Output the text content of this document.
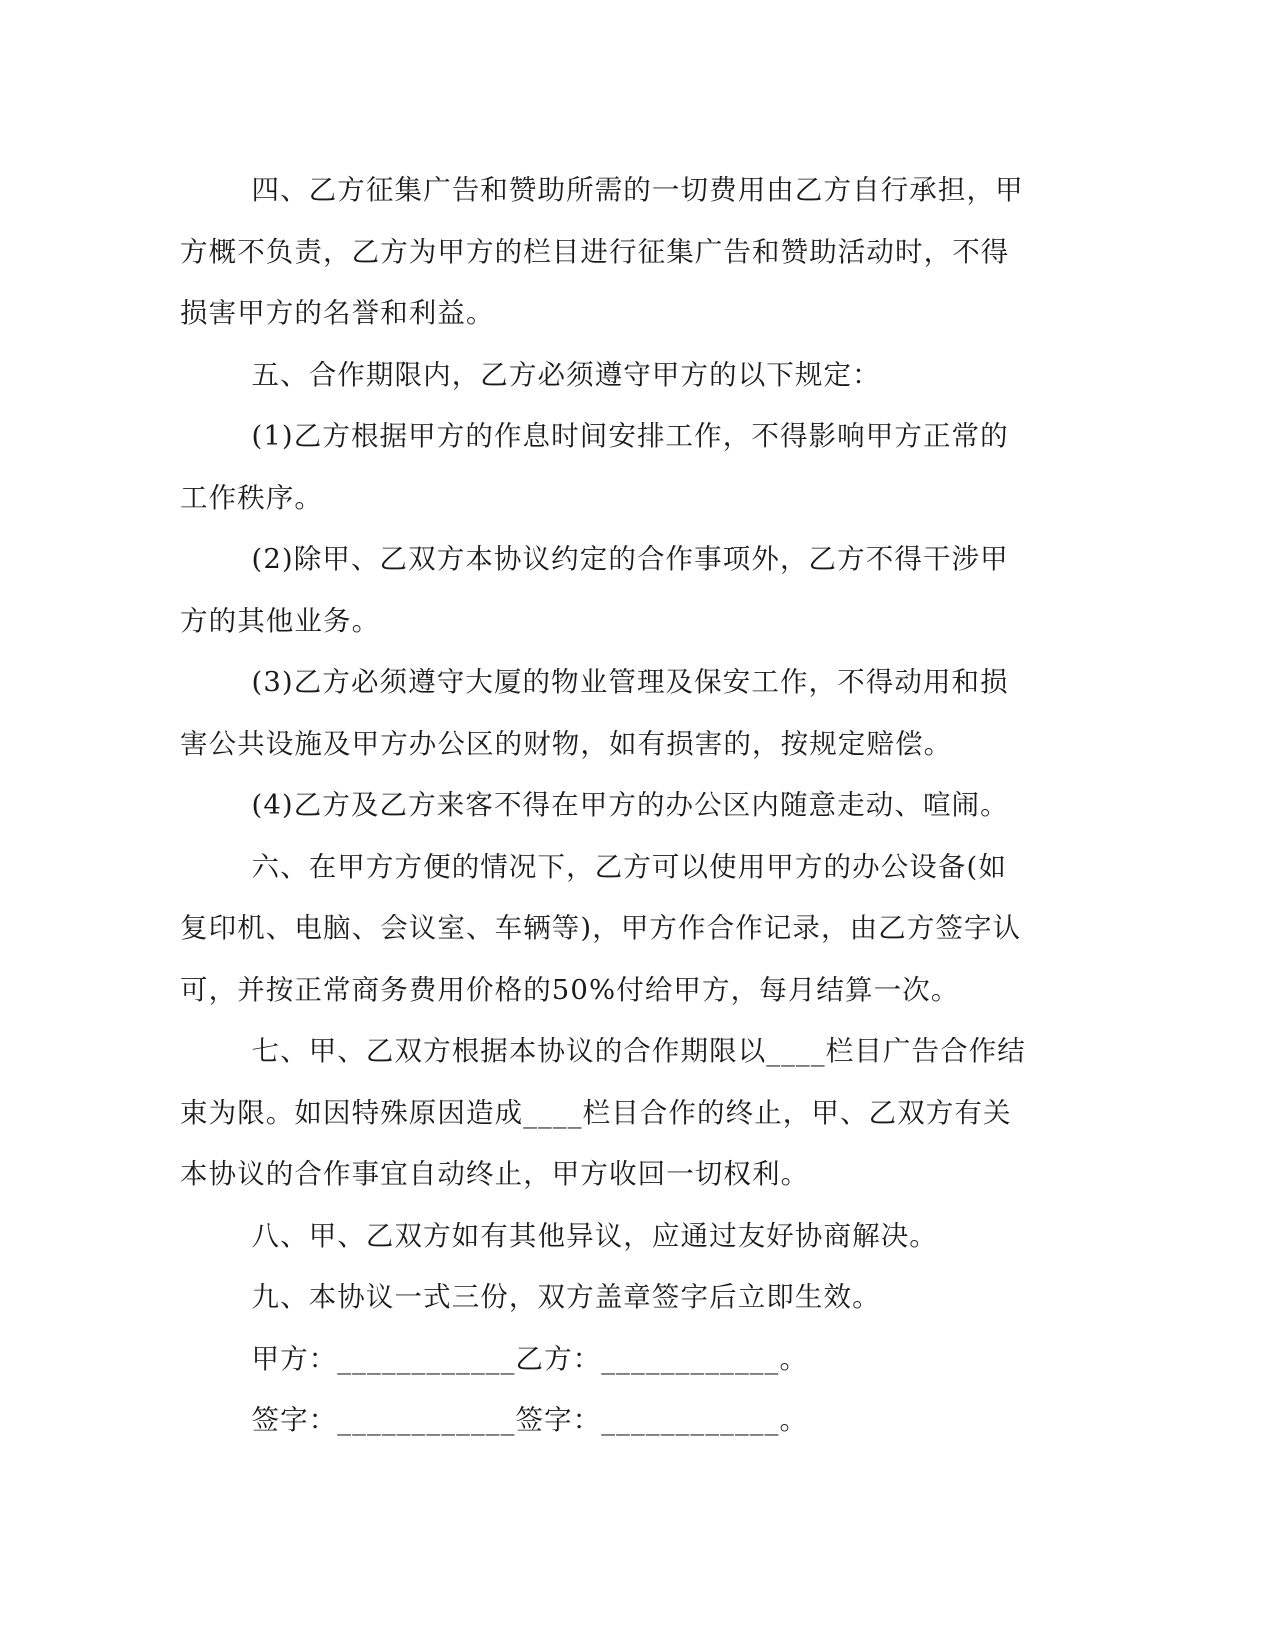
四、乙方征集广告和赞助所需的一切费用由乙方自行承担，甲方概不负责，乙方为甲方的栏目进行征集广告和赞助活动时，不得损害甲方的名誉和利益。

五、合作期限内，乙方必须遵守甲方的以下规定：

(1)乙方根据甲方的作息时间安排工作，不得影响甲方正常的工作秩序。

(2)除甲、乙双方本协议约定的合作事项外，乙方不得干涉甲方的其他业务。

(3)乙方必须遵守大厦的物业管理及保安工作，不得动用和损害公共设施及甲方办公区的财物，如有损害的，按规定赔偿。

(4)乙方及乙方来客不得在甲方的办公区内随意走动、喧闹。

六、在甲方方便的情况下，乙方可以使用甲方的办公设备(如复印机、电脑、会议室、车辆等)，甲方作合作记录，由乙方签字认可，并按正常商务费用价格的50%付给甲方，每月结算一次。

七、甲、乙双方根据本协议的合作期限以____栏目广告合作结束为限。如因特殊原因造成____栏目合作的终止，甲、乙双方有关本协议的合作事宜自动终止，甲方收回一切权利。

八、甲、乙双方如有其他异议，应通过友好协商解决。

九、本协议一式三份，双方盖章签字后立即生效。

甲方：____________乙方：____________。

签字：____________签字：____________。
